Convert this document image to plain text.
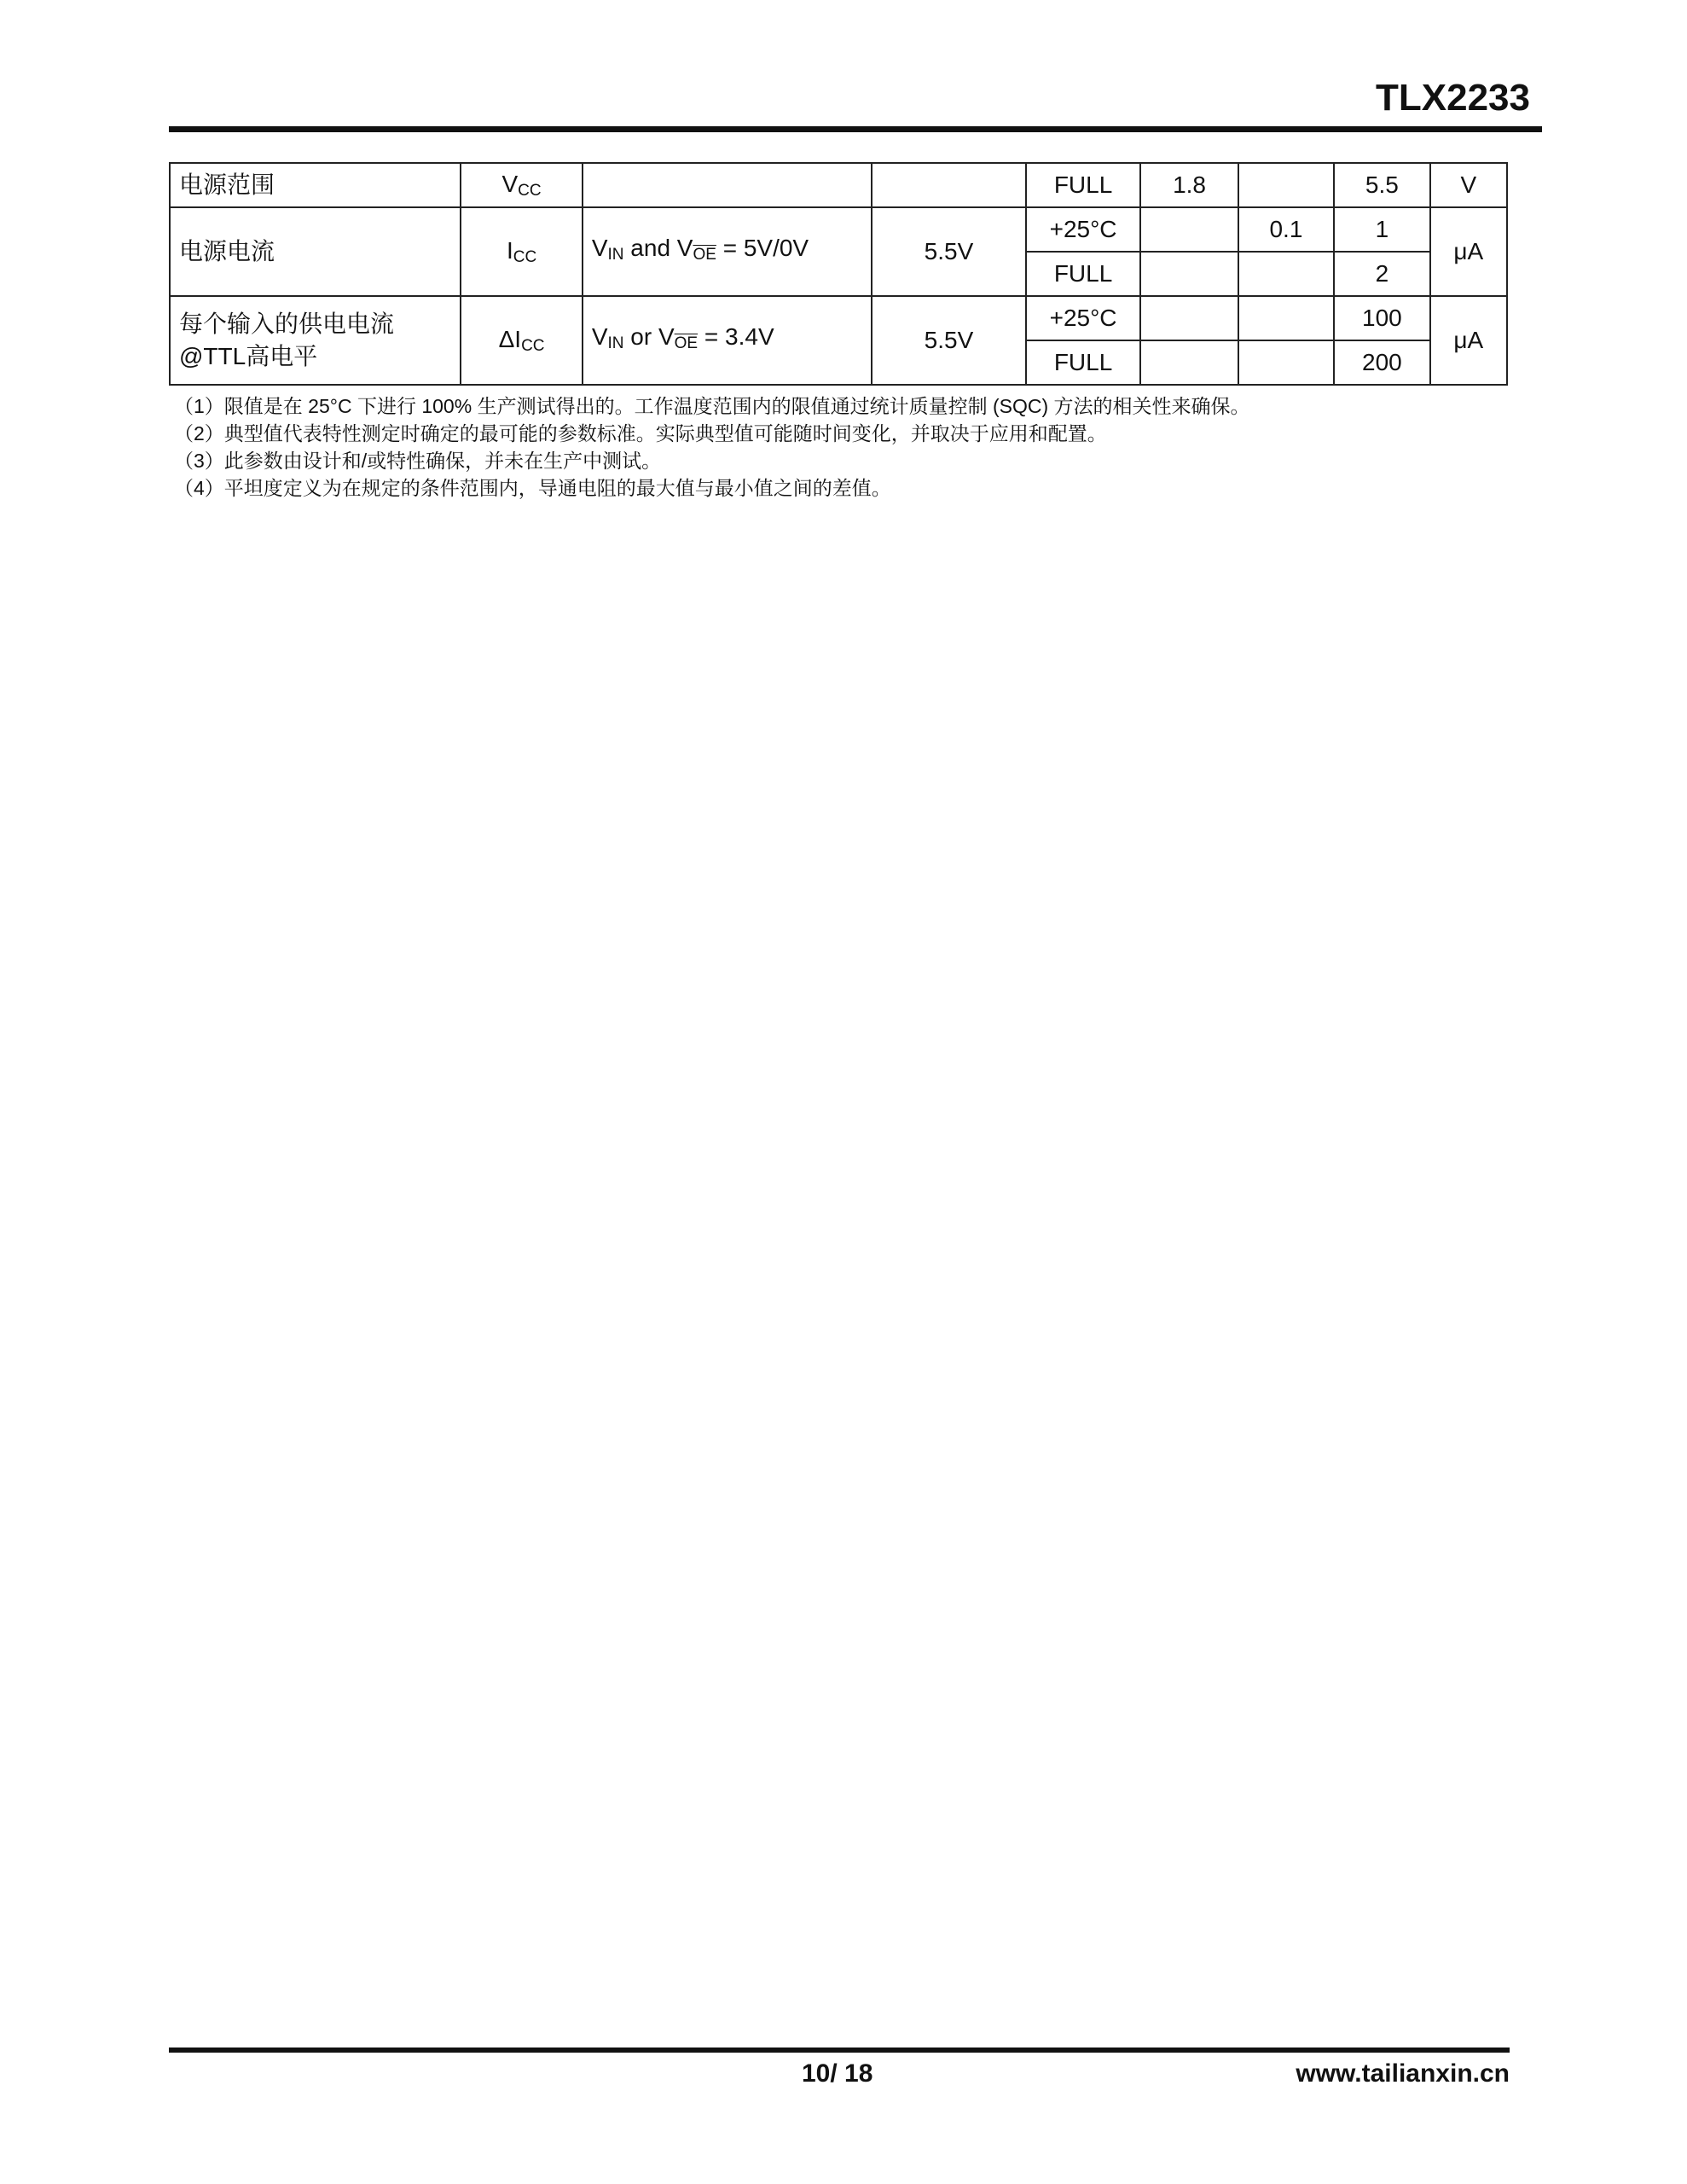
TLX2233
电源范围	$V_{CC}$			FULL	1.8		5.5	V
电源电流	$I_{CC}$	$V_{IN}$ and $V_{\overline{OE}} = 5V/0V$	5.5V	+25°C		0.1	1	μA
				FULL			2	

每个输入的供电电流
@TTL高电平	$\Delta I_{CC}$	$V_{IN}$ or $V_{\overline{OE}} = 3.4V$	5.5V	+25°C			100	μA
				FULL			200	
（1）限值是在 25°C 下进行 100% 生产测试得出的。工作温度范围内的限值通过统计质量控制 (SQC) 方法的相关性来确保。
（2）典型值代表特性测定时确定的最可能的参数标准。实际典型值可能随时间变化，并取决于应用和配置。
（3）此参数由设计和/或特性确保，并未在生产中测试。
（4）平坦度定义为在规定的条件范围内，导通电阻的最大值与最小值之间的差值。
10/ 18	www.tailianxin.cn
